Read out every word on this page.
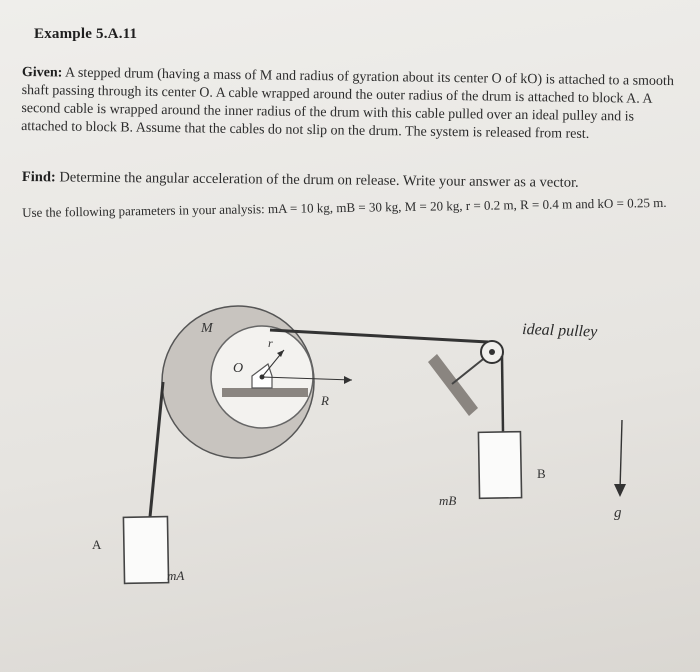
Example 5.A.11
Given: A stepped drum (having a mass of M and radius of gyration about its center O of kO) is attached to a smooth shaft passing through its center O. A cable wrapped around the outer radius of the drum is attached to block A. A second cable is wrapped around the inner radius of the drum with this cable pulled over an ideal pulley and is attached to block B. Assume that the cables do not slip on the drum. The system is released from rest.
Find: Determine the angular acceleration of the drum on release. Write your answer as a vector.
Use the following parameters in your analysis: mA = 10 kg, mB = 30 kg, M = 20 kg, r = 0.2 m, R = 0.4 m and kO = 0.25 m.
M
O
r
R
ideal pulley
B
mB
A
mA
g
